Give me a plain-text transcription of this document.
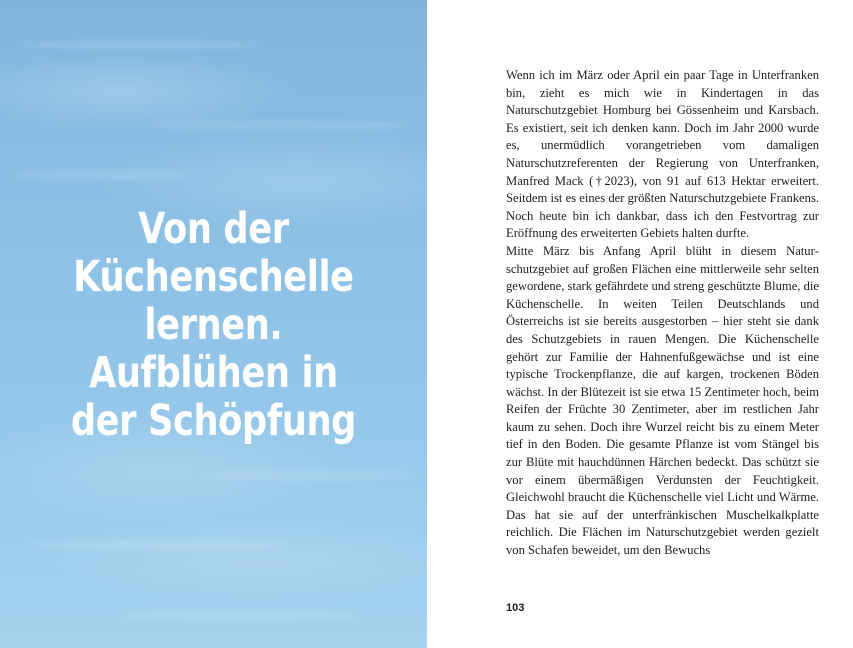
Von der
Küchenschelle
lernen.
Aufblühen in
der Schöpfung

Wenn ich im März oder April ein paar Tage in Unterfranken bin, zieht es mich wie in Kindertagen in das Naturschutzgebiet Homburg bei Gössenheim und Karsbach. Es existiert, seit ich denken kann. Doch im Jahr 2000 wurde es, unermüdlich vorangetrieben vom damaligen Naturschutzreferenten der Regierung von Unterfranken, Manfred Mack (†2023), von 91 auf 613 Hektar erweitert. Seitdem ist es eines der größten Naturschutzgebiete Frankens. Noch heute bin ich dankbar, dass ich den Festvortrag zur Eröffnung des erweiterten Gebiets halten durfte.

Mitte März bis Anfang April blüht in diesem Naturschutzgebiet auf großen Flächen eine mittlerweile sehr selten gewordene, stark gefährdete und streng geschützte Blume, die Küchenschelle. In weiten Teilen Deutschlands und Österreichs ist sie bereits ausgestorben – hier steht sie dank des Schutzgebiets in rauen Mengen. Die Küchenschelle gehört zur Familie der Hahnenfußgewächse und ist eine typische Trockenpflanze, die auf kargen, trockenen Böden wächst. In der Blütezeit ist sie etwa 15 Zentimeter hoch, beim Reifen der Früchte 30 Zentimeter, aber im restlichen Jahr kaum zu sehen. Doch ihre Wurzel reicht bis zu einem Meter tief in den Boden. Die gesamte Pflanze ist vom Stängel bis zur Blüte mit hauchdünnen Härchen bedeckt. Das schützt sie vor einem übermäßigen Verdunsten der Feuchtigkeit. Gleichwohl braucht die Küchenschelle viel Licht und Wärme. Das hat sie auf der unterfränkischen Muschelkalkplatte reichlich. Die Flächen im Naturschutzgebiet werden gezielt von Schafen beweidet, um den Bewuchs

103
